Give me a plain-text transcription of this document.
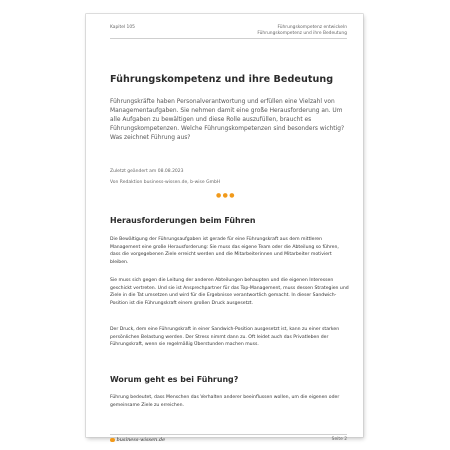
Kapitel 105	Führungskompetenz entwickeln
Führungskompetenz und ihre Bedeutung
Führungskompetenz und ihre Bedeutung

Führungskräfte haben Personalverantwortung und erfüllen eine Vielzahl von Managementaufgaben. Sie nehmen damit eine große Herausforderung an. Um alle Aufgaben zu bewältigen und diese Rolle auszufüllen, braucht es Führungskompetenzen. Welche Führungskompetenzen sind besonders wichtig? Was zeichnet Führung aus?

Zuletzt geändert am 08.08.2023

Von Redaktion business-wissen.de, b-wise GmbH

●●●
Herausforderungen beim Führen

Die Bewältigung der Führungsaufgaben ist gerade für eine Führungskraft aus dem mittleren Management eine große Herausforderung: Sie muss das eigene Team oder die Abteilung so führen, dass die vorgegebenen Ziele erreicht werden und die Mitarbeiterinnen und Mitarbeiter motiviert bleiben.

Sie muss sich gegen die Leitung der anderen Abteilungen behaupten und die eigenen Interessen geschickt vertreten. Und sie ist Ansprechpartner für das Top-Management, muss dessen Strategien und Ziele in die Tat umsetzen und wird für die Ergebnisse verantwortlich gemacht. In dieser Sandwich-Position ist die Führungskraft einem großen Druck ausgesetzt.

Der Druck, dem eine Führungskraft in einer Sandwich-Position ausgesetzt ist, kann zu einer starken persönlichen Belastung werden. Der Stress nimmt dann zu. Oft leidet auch das Privatleben der Führungskraft, wenn sie regelmäßig Überstunden machen muss.

Worum geht es bei Führung?

Führung bedeutet, dass Menschen das Verhalten anderer beeinflussen wollen, um die eigenen oder gemeinsame Ziele zu erreichen.

business-wissen.de	Seite 2
